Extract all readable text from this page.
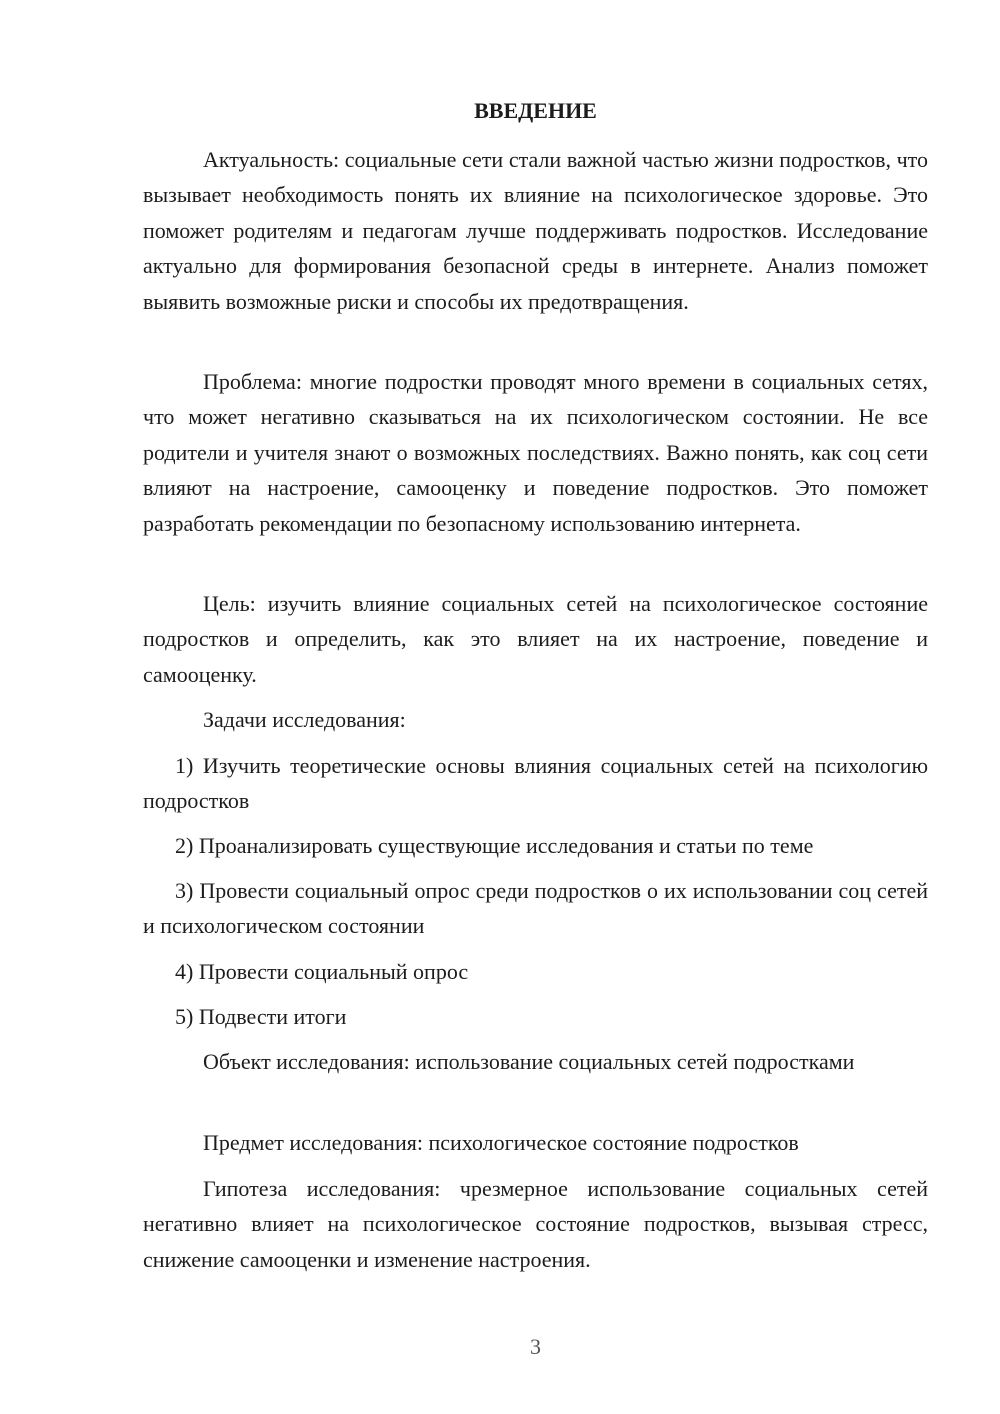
ВВЕДЕНИЕ

Актуальность: социальные сети стали важной частью жизни подростков, что вызывает необходимость понять их влияние на психологическое здоровье. Это поможет родителям и педагогам лучше поддерживать подростков. Исследование актуально для формирования безопасной среды в интернете. Анализ поможет выявить возможные риски и способы их предотвращения.

Проблема: многие подростки проводят много времени в социальных сетях, что может негативно сказываться на их психологическом состоянии. Не все родители и учителя знают о возможных последствиях. Важно понять, как соц сети влияют на настроение, самооценку и поведение подростков. Это поможет разработать рекомендации по безопасному использованию интернета.

Цель: изучить влияние социальных сетей на психологическое состояние подростков и определить, как это влияет на их настроение, поведение и самооценку.

Задачи исследования:

1) Изучить теоретические основы влияния социальных сетей на психологию подростков

2) Проанализировать существующие исследования и статьи по теме

3) Провести социальный опрос среди подростков о их использовании соц сетей и психологическом состоянии

4) Провести социальный опрос

5) Подвести итоги

Объект исследования: использование социальных сетей подростками

Предмет исследования: психологическое состояние подростков

Гипотеза исследования: чрезмерное использование социальных сетей негативно влияет на психологическое состояние подростков, вызывая стресс, снижение самооценки и изменение настроения.

3
